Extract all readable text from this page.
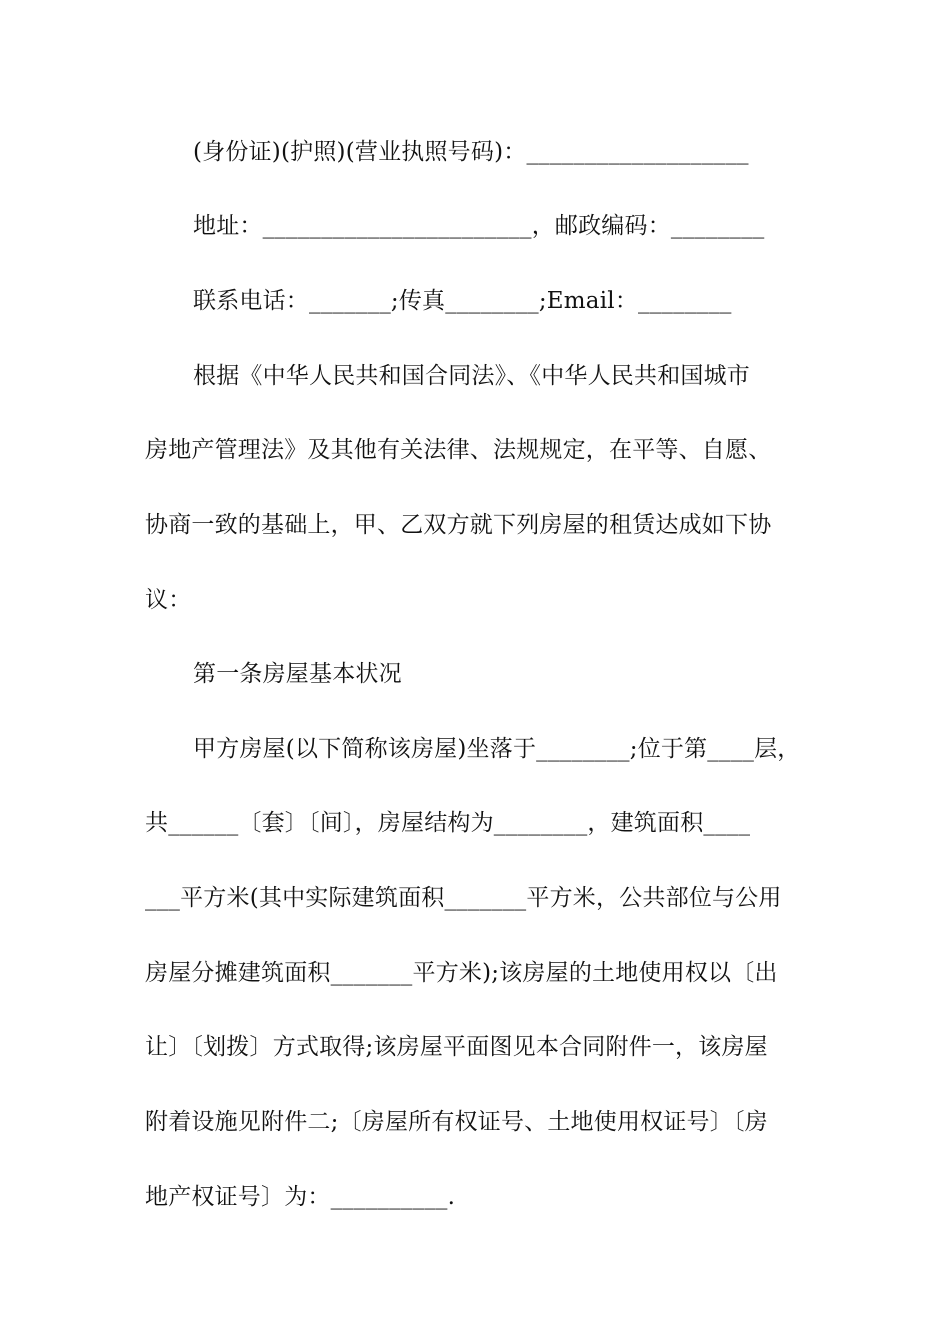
(身份证)(护照)(营业执照号码)：___________________
地址：_______________________，邮政编码：________
联系电话：_______;传真________;Email：________
根据《中华人民共和国合同法》、《中华人民共和国城市
房地产管理法》及其他有关法律、法规规定，在平等、自愿、
协商一致的基础上，甲、乙双方就下列房屋的租赁达成如下协
议：
第一条房屋基本状况
甲方房屋(以下简称该房屋)坐落于________;位于第____层，
共______〔套〕〔间〕，房屋结构为________，建筑面积____
___平方米(其中实际建筑面积_______平方米，公共部位与公用
房屋分摊建筑面积_______平方米);该房屋的土地使用权以〔出
让〕〔划拨〕方式取得;该房屋平面图见本合同附件一，该房屋
附着设施见附件二;〔房屋所有权证号、土地使用权证号〕〔房
地产权证号〕为：__________.
